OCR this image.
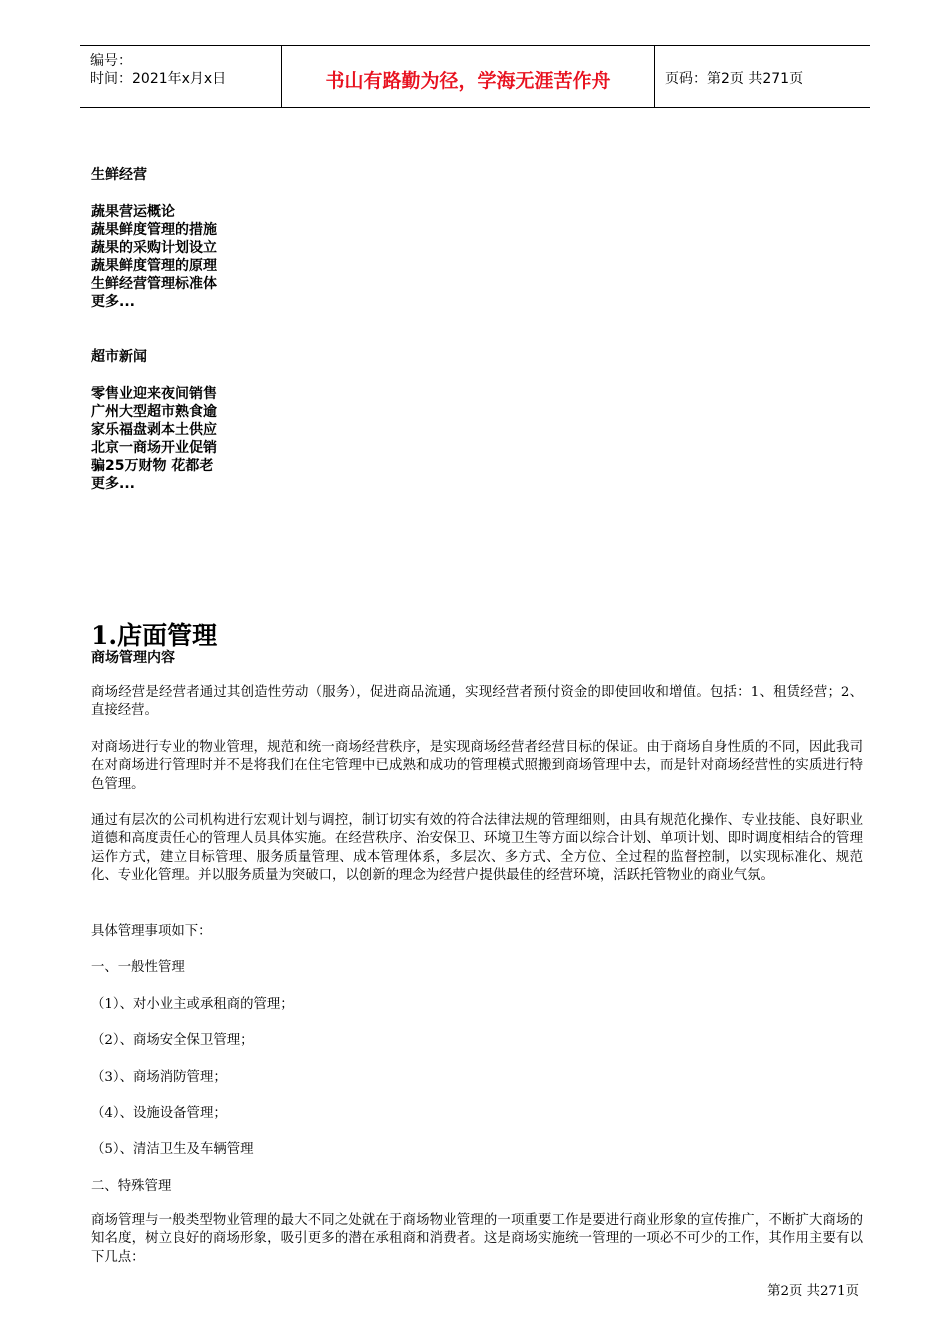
编号：
时间：2021年x月x日	书山有路勤为径，学海无涯苦作舟	页码：第2页 共271页
生鲜经营
蔬果营运概论
蔬果鲜度管理的措施
蔬果的采购计划设立
蔬果鲜度管理的原理
生鲜经营管理标准体
更多...
超市新闻
零售业迎来夜间销售
广州大型超市熟食逾
家乐福盘剥本土供应
北京一商场开业促销
骗25万财物 花都老
更多...
1.店面管理
商场管理内容
商场经营是经营者通过其创造性劳动（服务），促进商品流通，实现经营者预付资金的即使回收和增值。包括：1、租赁经营；2、直接经营。
对商场进行专业的物业管理，规范和统一商场经营秩序，是实现商场经营者经营目标的保证。由于商场自身性质的不同，因此我司在对商场进行管理时并不是将我们在住宅管理中已成熟和成功的管理模式照搬到商场管理中去，而是针对商场经营性的实质进行特色管理。
通过有层次的公司机构进行宏观计划与调控，制订切实有效的符合法律法规的管理细则，由具有规范化操作、专业技能、良好职业道德和高度责任心的管理人员具体实施。在经营秩序、治安保卫、环境卫生等方面以综合计划、单项计划、即时调度相结合的管理运作方式，建立目标管理、服务质量管理、成本管理体系，多层次、多方式、全方位、全过程的监督控制，以实现标准化、规范化、专业化管理。并以服务质量为突破口，以创新的理念为经营户提供最佳的经营环境，活跃托管物业的商业气氛。
具体管理事项如下：
一、一般性管理
（1）、对小业主或承租商的管理；
（2）、商场安全保卫管理；
（3）、商场消防管理；
（4）、设施设备管理；
（5）、清洁卫生及车辆管理
二、特殊管理
商场管理与一般类型物业管理的最大不同之处就在于商场物业管理的一项重要工作是要进行商业形象的宣传推广，不断扩大商场的知名度，树立良好的商场形象，吸引更多的潜在承租商和消费者。这是商场实施统一管理的一项必不可少的工作，其作用主要有以下几点：
第2页 共271页
